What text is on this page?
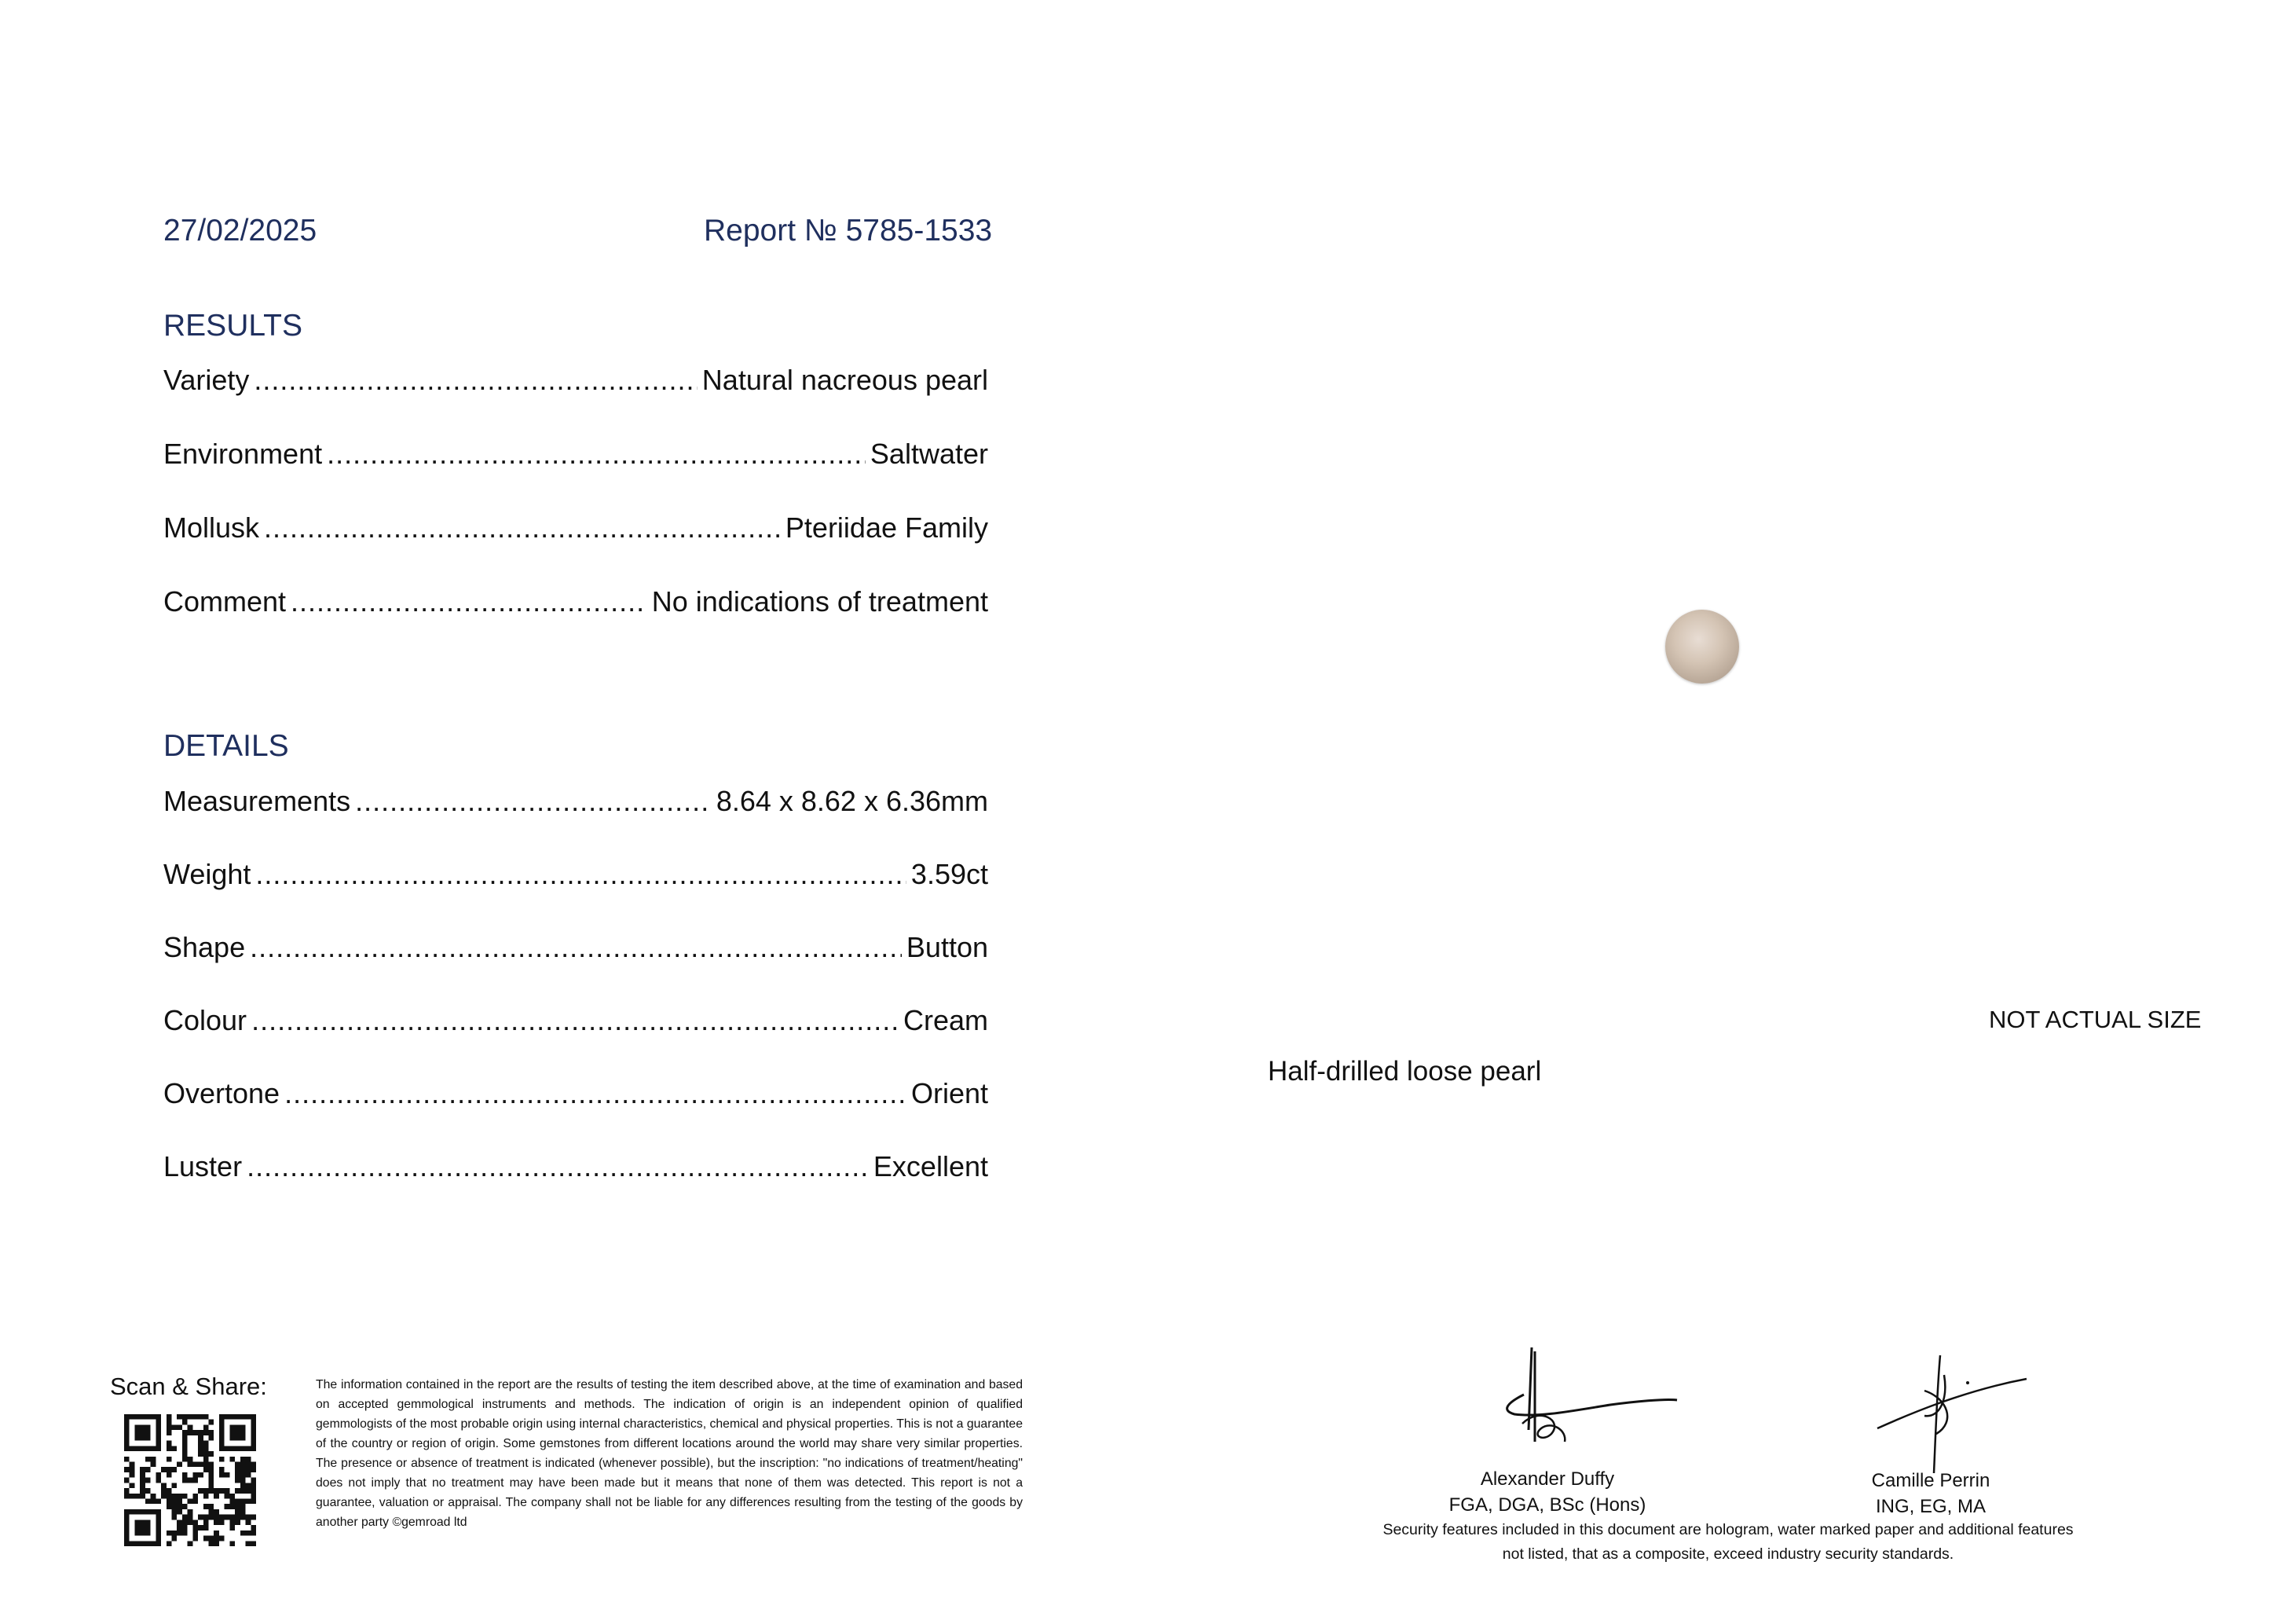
27/02/2025	Report № 5785-1533
RESULTS
Variety .....	Natural nacreous pearl
Environment .....	Saltwater
Mollusk .....	Pteriidae Family
Comment .....	No indications of treatment
DETAILS
Measurements .....	8.64 x 8.62 x 6.36mm
Weight .....	3.59ct
Shape .....	Button
Colour .....	Cream
Overtone .....	Orient
Luster .....	Excellent
NOT ACTUAL SIZE
Half-drilled loose pearl
Scan & Share:	The information contained in the report are the results of testing the item described above, at the time of examination and based on accepted gemmological instruments and methods. The indication of origin is an independent opinion of qualified gemmologists of the most probable origin using internal characteristics, chemical and physical properties. This is not a guarantee of the country or region of origin. Some gemstones from different locations around the world may share very similar properties. The presence or absence of treatment is indicated (whenever possible), but the inscription: "no indications of treatment/heating" does not imply that no treatment may have been made but it means that none of them was detected. This report is not a guarantee, valuation or appraisal. The company shall not be liable for any differences resulting from the testing of the goods by another party ©gemroad ltd
Alexander Duffy
FGA, DGA, BSc (Hons)
Camille Perrin
ING, EG, MA
Security features included in this document are hologram, water marked paper and additional features not listed, that as a composite, exceed industry security standards.
